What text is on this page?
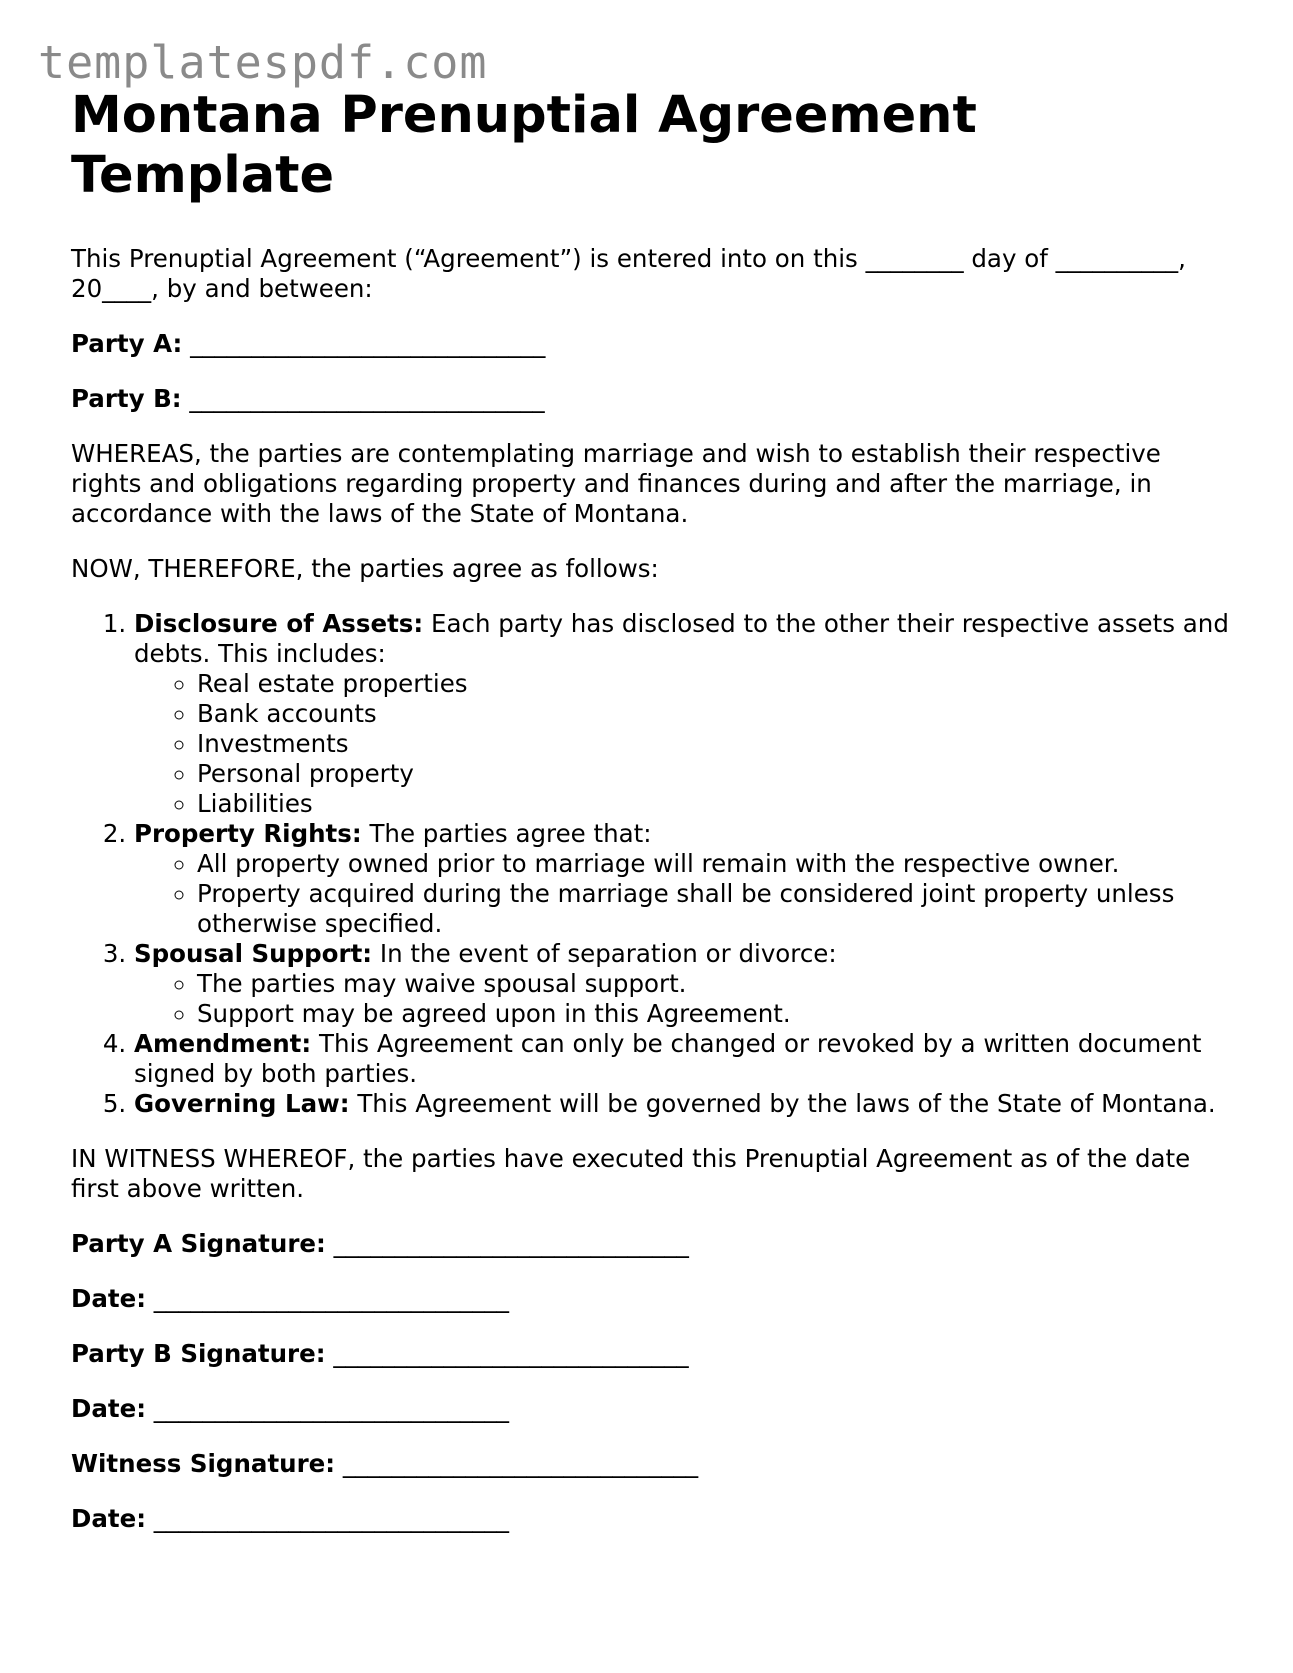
templatespdf.com
Montana Prenuptial Agreement Template

This Prenuptial Agreement (“Agreement”) is entered into on this ________ day of __________, 20____, by and between:

Party A: _____________________________

Party B: _____________________________

WHEREAS, the parties are contemplating marriage and wish to establish their respective rights and obligations regarding property and finances during and after the marriage, in accordance with the laws of the State of Montana.

NOW, THEREFORE, the parties agree as follows:

1. Disclosure of Assets: Each party has disclosed to the other their respective assets and debts. This includes:
◦ Real estate properties
◦ Bank accounts
◦ Investments
◦ Personal property
◦ Liabilities
2. Property Rights: The parties agree that:
◦ All property owned prior to marriage will remain with the respective owner.
◦ Property acquired during the marriage shall be considered joint property unless otherwise specified.
3. Spousal Support: In the event of separation or divorce:
◦ The parties may waive spousal support.
◦ Support may be agreed upon in this Agreement.
4. Amendment: This Agreement can only be changed or revoked by a written document signed by both parties.
5. Governing Law: This Agreement will be governed by the laws of the State of Montana.

IN WITNESS WHEREOF, the parties have executed this Prenuptial Agreement as of the date first above written.

Party A Signature: _____________________________

Date: _____________________________

Party B Signature: _____________________________

Date: _____________________________

Witness Signature: _____________________________

Date: _____________________________
